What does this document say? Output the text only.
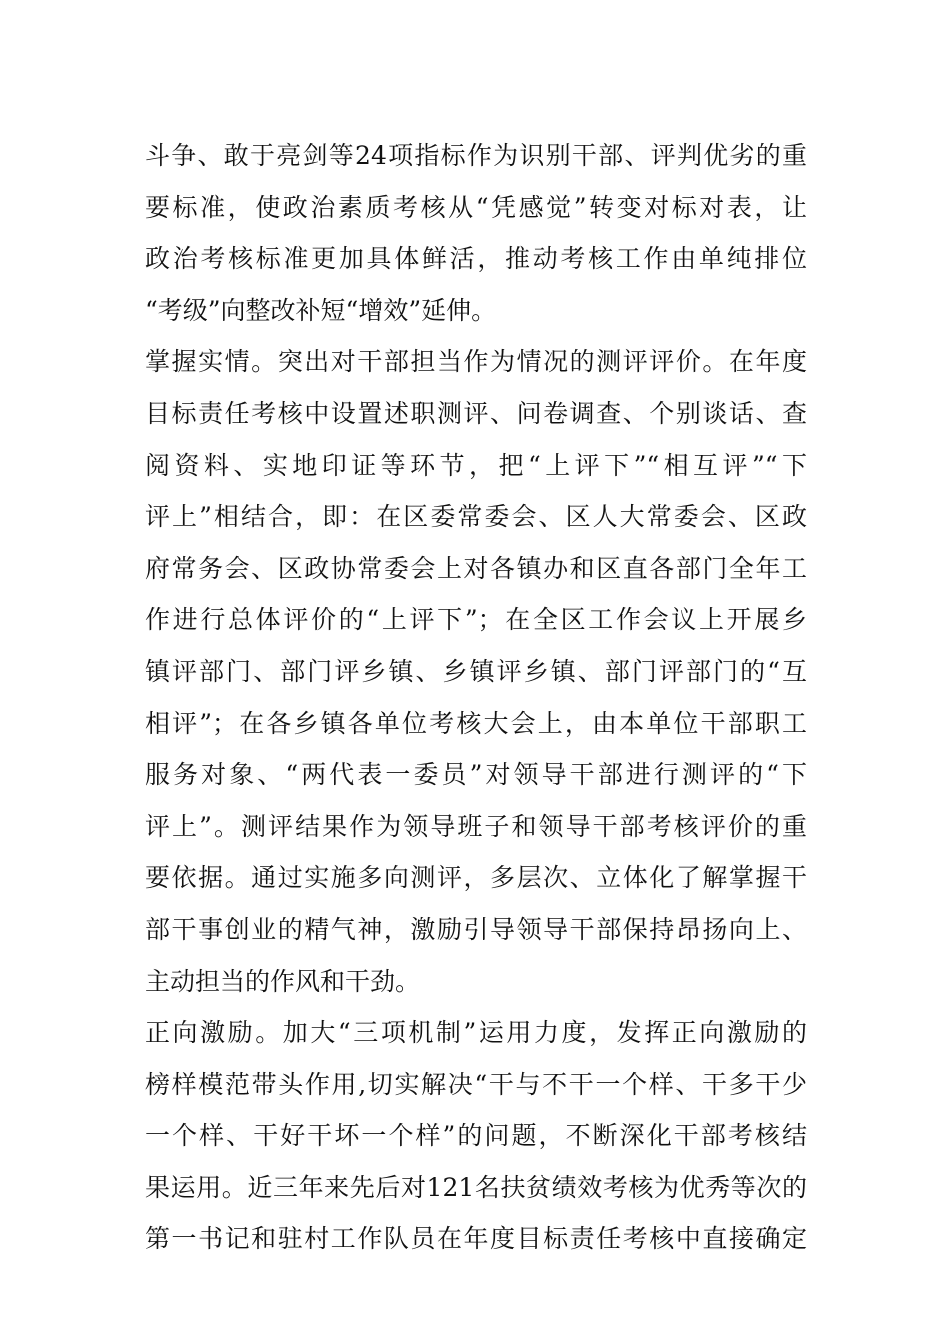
斗争、敢于亮剑等24项指标作为识别干部、评判优劣的重
要标准，使政治素质考核从“凭感觉”转变对标对表，让
政治考核标准更加具体鲜活，推动考核工作由单纯排位
“考级”向整改补短“增效”延伸。
掌握实情。突出对干部担当作为情况的测评评价。在年度
目标责任考核中设置述职测评、问卷调查、个别谈话、查
阅资料、实地印证等环节，把“上评下”“相互评”“下
评上”相结合，即：在区委常委会、区人大常委会、区政
府常务会、区政协常委会上对各镇办和区直各部门全年工
作进行总体评价的“上评下”；在全区工作会议上开展乡
镇评部门、部门评乡镇、乡镇评乡镇、部门评部门的“互
相评”；在各乡镇各单位考核大会上，由本单位干部职工
服务对象、“两代表一委员”对领导干部进行测评的“下
评上”。测评结果作为领导班子和领导干部考核评价的重
要依据。通过实施多向测评，多层次、立体化了解掌握干
部干事创业的精气神，激励引导领导干部保持昂扬向上、
主动担当的作风和干劲。
正向激励。加大“三项机制”运用力度，发挥正向激励的
榜样模范带头作用,切实解决“干与不干一个样、干多干少
一个样、干好干坏一个样”的问题，不断深化干部考核结
果运用。近三年来先后对121名扶贫绩效考核为优秀等次的
第一书记和驻村工作队员在年度目标责任考核中直接确定
